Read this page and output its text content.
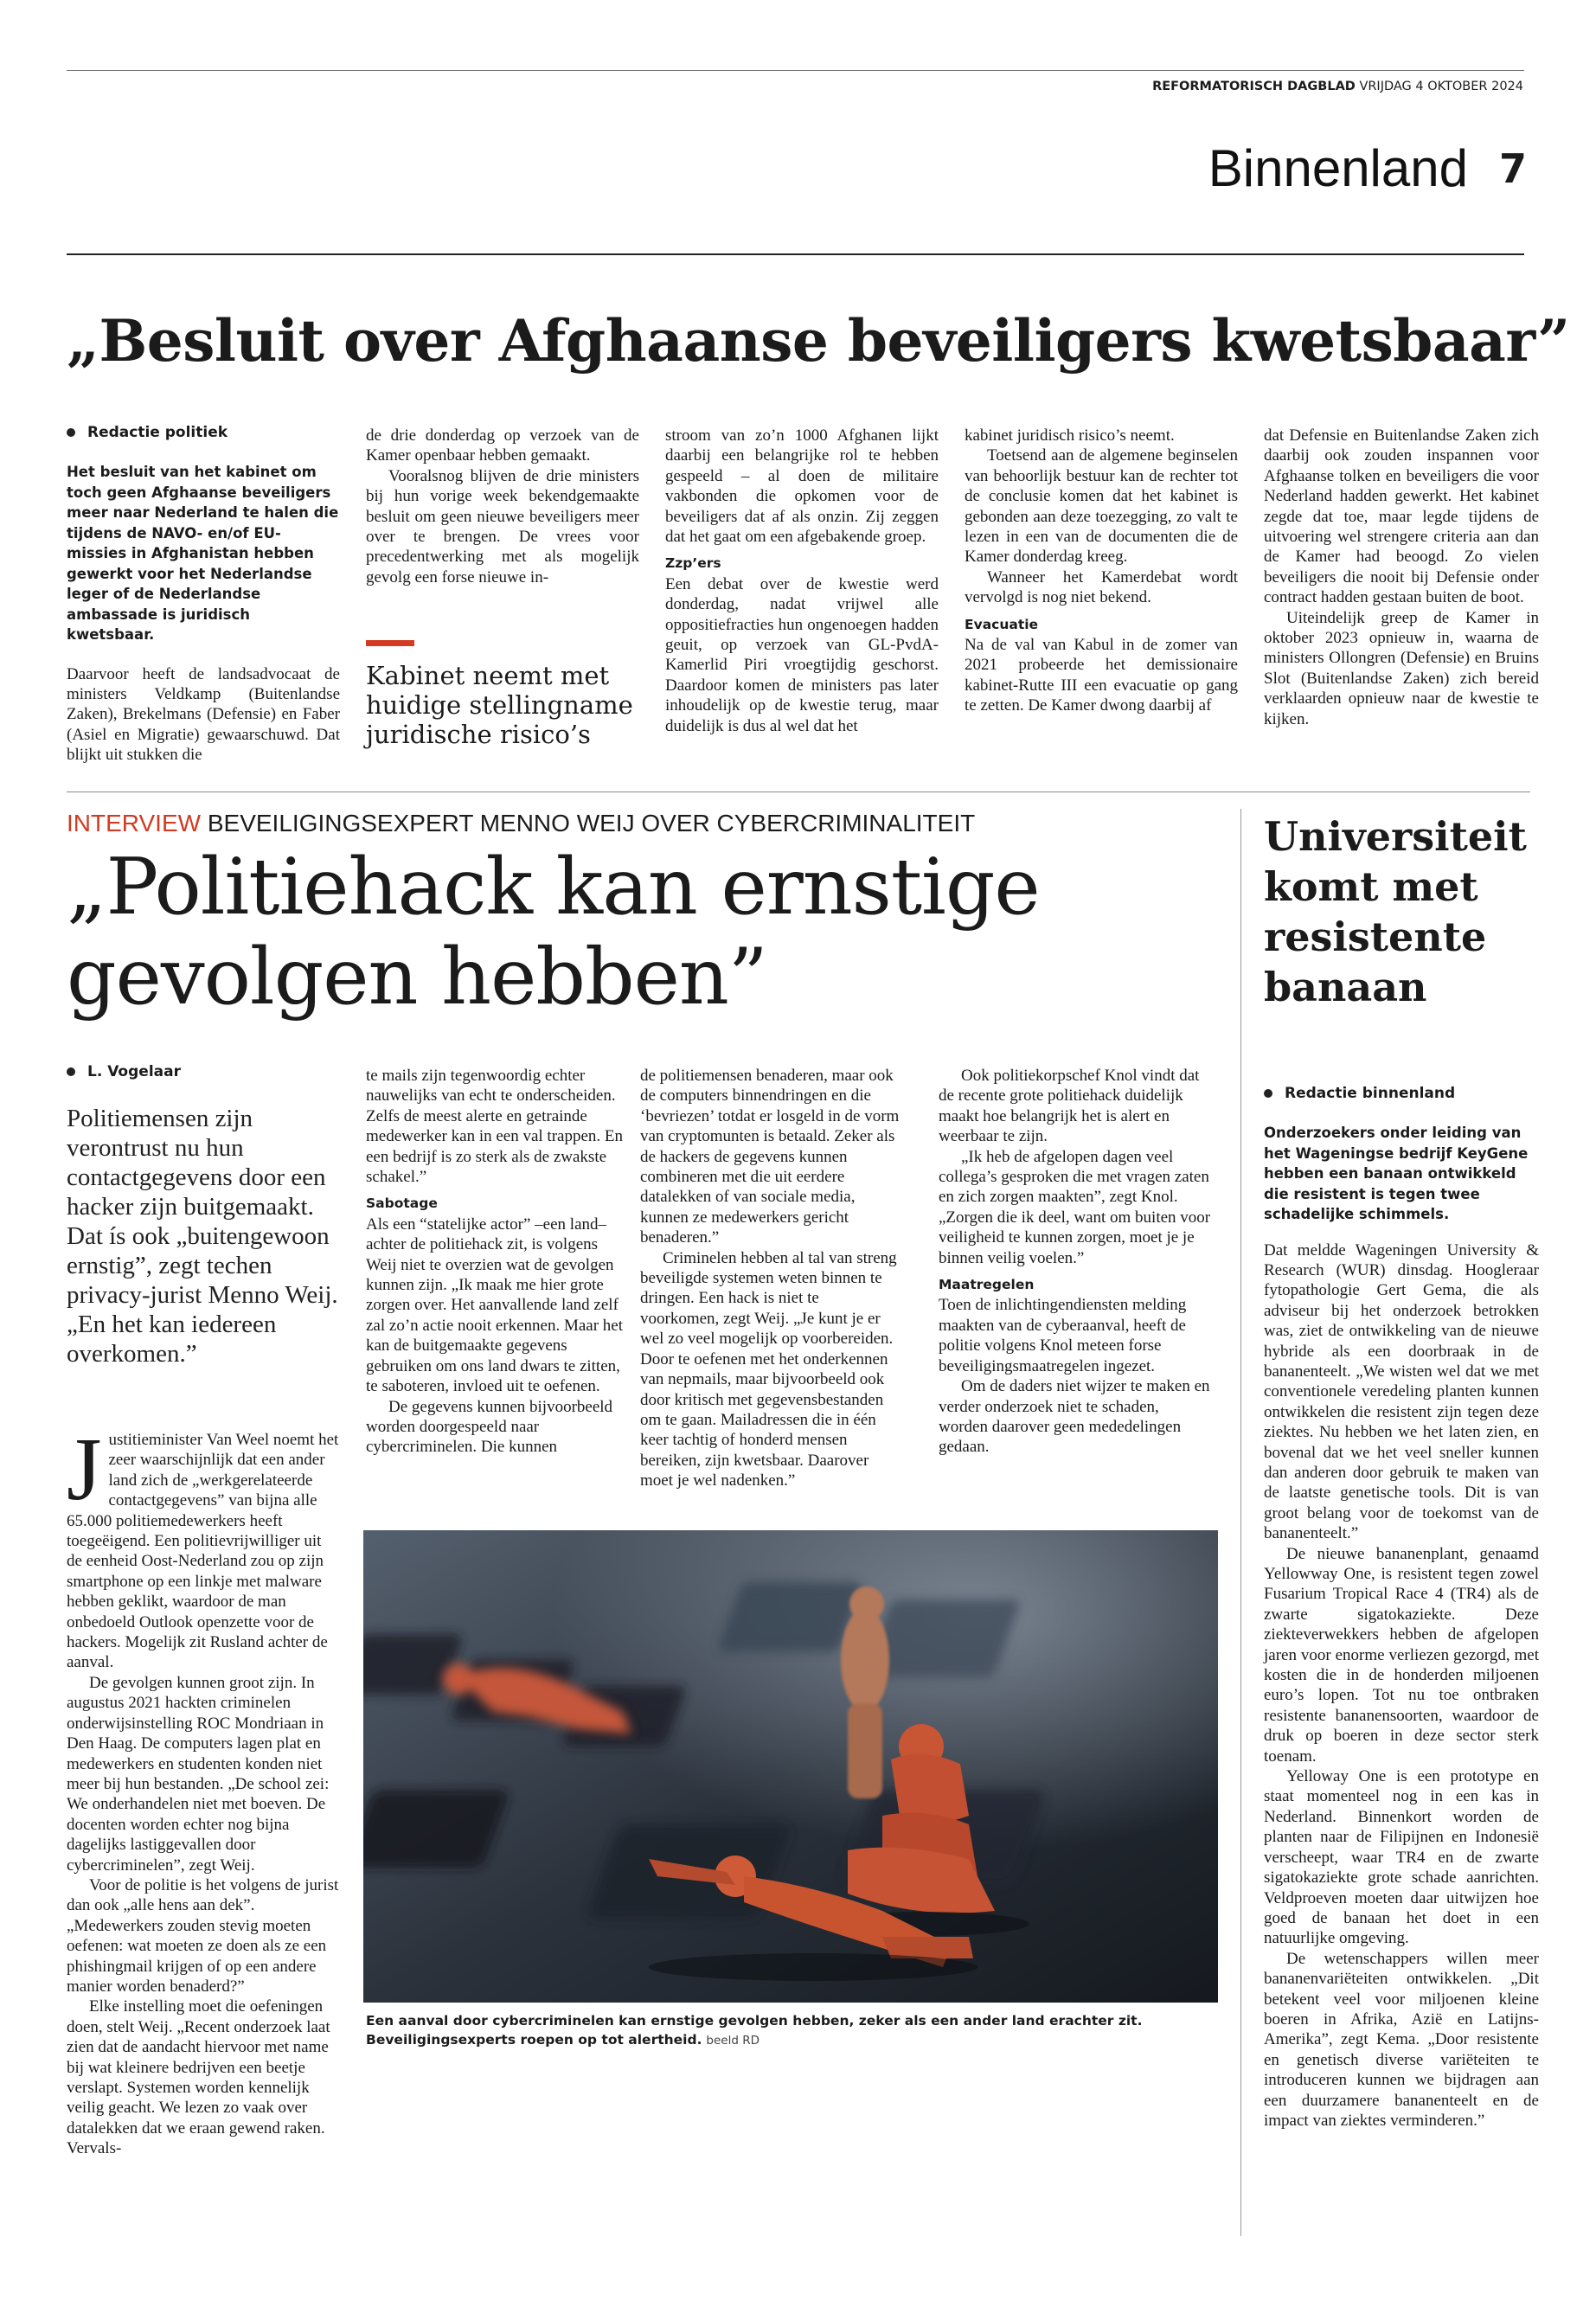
REFORMATORISCH DAGBLAD VRIJDAG 4 OKTOBER 2024
Binnenland 7
„Besluit over Afghaanse beveiligers kwetsbaar”
Redactie politiek

Het besluit van het kabinet om toch geen Afghaanse beveiligers meer naar Nederland te halen die tijdens de NAVO- en/of EU-missies in Afghanistan hebben gewerkt voor het Nederlandse leger of de Nederlandse ambassade is juridisch kwetsbaar.

Daarvoor heeft de landsadvocaat de ministers Veldkamp (Buitenlandse Zaken), Brekelmans (Defensie) en Faber (Asiel en Migratie) gewaarschuwd. Dat blijkt uit stukken die

de drie donderdag op verzoek van de Kamer openbaar hebben gemaakt.

Vooralsnog blijven de drie ministers bij hun vorige week bekendgemaakte besluit om geen nieuwe beveiligers meer over te brengen. De vrees voor precedentwerking met als mogelijk gevolg een forse nieuwe in-

Kabinet neemt met huidige stellingname juridische risico’s

stroom van zo’n 1000 Afghanen lijkt daarbij een belangrijke rol te hebben gespeeld – al doen de militaire vakbonden die opkomen voor de beveiligers dat af als onzin. Zij zeggen dat het gaat om een afgebakende groep.

Zzp’ers

Een debat over de kwestie werd donderdag, nadat vrijwel alle oppositiefracties hun ongenoegen hadden geuit, op verzoek van GL-PvdA-Kamerlid Piri vroegtijdig geschorst. Daardoor komen de ministers pas later inhoudelijk op de kwestie terug, maar duidelijk is dus al wel dat het

kabinet juridisch risico’s neemt.

Toetsend aan de algemene beginselen van behoorlijk bestuur kan de rechter tot de conclusie komen dat het kabinet is gebonden aan deze toezegging, zo valt te lezen in een van de documenten die de Kamer donderdag kreeg.

Wanneer het Kamerdebat wordt vervolgd is nog niet bekend.

Evacuatie

Na de val van Kabul in de zomer van 2021 probeerde het demissionaire kabinet-Rutte III een evacuatie op gang te zetten. De Kamer dwong daarbij af

dat Defensie en Buitenlandse Zaken zich daarbij ook zouden inspannen voor Afghaanse tolken en beveiligers die voor Nederland hadden gewerkt. Het kabinet zegde dat toe, maar legde tijdens de uitvoering wel strengere criteria aan dan de Kamer had beoogd. Zo vielen beveiligers die nooit bij Defensie onder contract hadden gestaan buiten de boot.

Uiteindelijk greep de Kamer in oktober 2023 opnieuw in, waarna de ministers Ollongren (Defensie) en Bruins Slot (Buitenlandse Zaken) zich bereid verklaarden opnieuw naar de kwestie te kijken.

INTERVIEW BEVEILIGINGSEXPERT MENNO WEIJ OVER CYBERCRIMINALITEIT
„Politiehack kan ernstige gevolgen hebben”
L. Vogelaar
Politiemensen zijn verontrust nu hun contactgegevens door een hacker zijn buitgemaakt. Dat ís ook „buitengewoon ernstig”, zegt techen privacy-jurist Menno Weij. „En het kan iedereen overkomen.”

Justitieminister Van Weel noemt het zeer waarschijnlijk dat een ander land zich de „werkgerelateerde contactgegevens” van bijna alle 65.000 politiemedewerkers heeft toegeëigend. Een politievrijwilliger uit de eenheid Oost-Nederland zou op zijn smartphone op een linkje met malware hebben geklikt, waardoor de man onbedoeld Outlook openzette voor de hackers. Mogelijk zit Rusland achter de aanval.

De gevolgen kunnen groot zijn. In augustus 2021 hackten criminelen onderwijsinstelling ROC Mondriaan in Den Haag. De computers lagen plat en medewerkers en studenten konden niet meer bij hun bestanden. „De school zei: We onderhandelen niet met boeven. De docenten worden echter nog bijna dagelijks lastiggevallen door cybercriminelen”, zegt Weij.

Voor de politie is het volgens de jurist dan ook „alle hens aan dek”. „Medewerkers zouden stevig moeten oefenen: wat moeten ze doen als ze een phishingmail krijgen of op een andere manier worden benaderd?”

Elke instelling moet die oefeningen doen, stelt Weij. „Recent onderzoek laat zien dat de aandacht hiervoor met name bij wat kleinere bedrijven een beetje verslapt. Systemen worden kennelijk veilig geacht. We lezen zo vaak over datalekken dat we eraan gewend raken. Vervals-

te mails zijn tegenwoordig echter nauwelijks van echt te onderscheiden. Zelfs de meest alerte en getrainde medewerker kan in een val trappen. En een bedrijf is zo sterk als de zwakste schakel.”

Sabotage

Als een “statelijke actor” –een land– achter de politiehack zit, is volgens Weij niet te overzien wat de gevolgen kunnen zijn. „Ik maak me hier grote zorgen over. Het aanvallende land zelf zal zo’n actie nooit erkennen. Maar het kan de buitgemaakte gegevens gebruiken om ons land dwars te zitten, te saboteren, invloed uit te oefenen.

De gegevens kunnen bijvoorbeeld worden doorgespeeld naar cybercriminelen. Die kunnen

de politiemensen benaderen, maar ook de computers binnendringen en die ‘bevriezen’ totdat er losgeld in de vorm van cryptomunten is betaald. Zeker als de hackers de gegevens kunnen combineren met die uit eerdere datalekken of van sociale media, kunnen ze medewerkers gericht benaderen.”

Criminelen hebben al tal van streng beveiligde systemen weten binnen te dringen. Een hack is niet te voorkomen, zegt Weij. „Je kunt je er wel zo veel mogelijk op voorbereiden. Door te oefenen met het onderkennen van nepmails, maar bijvoorbeeld ook door kritisch met gegevensbestanden om te gaan. Mailadressen die in één keer tachtig of honderd mensen bereiken, zijn kwetsbaar. Daarover moet je wel nadenken.”

Ook politiekorpschef Knol vindt dat de recente grote politiehack duidelijk maakt hoe belangrijk het is alert en weerbaar te zijn.

„Ik heb de afgelopen dagen veel collega’s gesproken die met vragen zaten en zich zorgen maakten”, zegt Knol. „Zorgen die ik deel, want om buiten voor veiligheid te kunnen zorgen, moet je je binnen veilig voelen.”

Maatregelen

Toen de inlichtingendiensten melding maakten van de cyberaanval, heeft de politie volgens Knol meteen forse beveiligingsmaatregelen ingezet.

Om de daders niet wijzer te maken en verder onderzoek niet te schaden, worden daarover geen mededelingen gedaan.

Een aanval door cybercriminelen kan ernstige gevolgen hebben, zeker als een ander land erachter zit. Beveiligingsexperts roepen op tot alertheid. beeld RD
Universiteit komt met resistente banaan
Redactie binnenland

Onderzoekers onder leiding van het Wageningse bedrijf KeyGene hebben een banaan ontwikkeld die resistent is tegen twee schadelijke schimmels.

Dat meldde Wageningen University & Research (WUR) dinsdag. Hoogleraar fytopathologie Gert Gema, die als adviseur bij het onderzoek betrokken was, ziet de ontwikkeling van de nieuwe hybride als een doorbraak in de bananenteelt. „We wisten wel dat we met conventionele veredeling planten kunnen ontwikkelen die resistent zijn tegen deze ziektes. Nu hebben we het laten zien, en bovenal dat we het veel sneller kunnen dan anderen door gebruik te maken van de laatste genetische tools. Dit is van groot belang voor de toekomst van de bananenteelt.”

De nieuwe bananenplant, genaamd Yellowway One, is resistent tegen zowel Fusarium Tropical Race 4 (TR4) als de zwarte sigatokaziekte. Deze ziekteverwekkers hebben de afgelopen jaren voor enorme verliezen gezorgd, met kosten die in de honderden miljoenen euro’s lopen. Tot nu toe ontbraken resistente bananensoorten, waardoor de druk op boeren in deze sector sterk toenam.

Yelloway One is een prototype en staat momenteel nog in een kas in Nederland. Binnenkort worden de planten naar de Filipijnen en Indonesië verscheept, waar TR4 en de zwarte sigatokaziekte grote schade aanrichten. Veldproeven moeten daar uitwijzen hoe goed de banaan het doet in een natuurlijke omgeving.

De wetenschappers willen meer bananenvariëteiten ontwikkelen. „Dit betekent veel voor miljoenen kleine boeren in Afrika, Azië en Latijns-Amerika”, zegt Kema. „Door resistente en genetisch diverse variëteiten te introduceren kunnen we bijdragen aan een duurzamere bananenteelt en de impact van ziektes verminderen.”
